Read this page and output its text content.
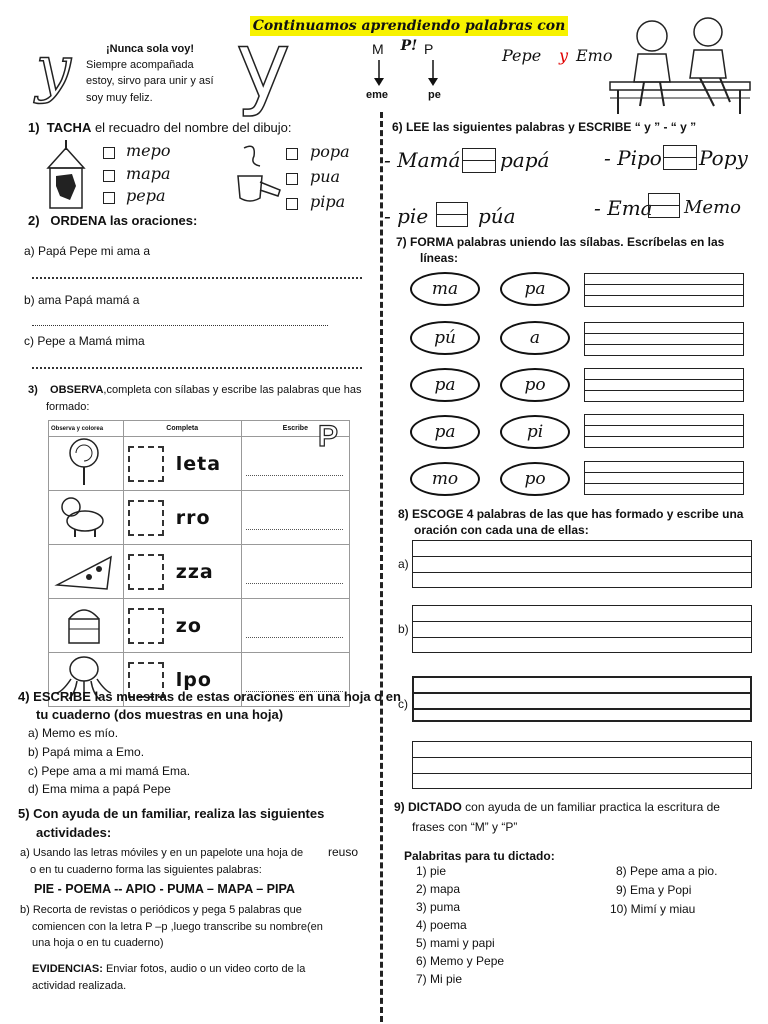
Continuamos aprendiendo palabras con P!
y	¡Nunca sola voy!
Siempre acompañada
estoy, sirvo para unir y así
soy muy feliz. y	M	P
eme	pe
Pepe y Emo
1) TACHA el recuadro del nombre del dibujo:
mepo
mapa
pepa
popa
pua
pipa
2) ORDENA las oraciones:
a) Papá Pepe mi ama a
b) ama Papá mamá a
c) Pepe a Mamá mima
3) OBSERVA,completa con sílabas y escribe las palabras que has
formado:
Observa y colorea	Completa	Escribe

leta	

rro	

zza	

zo	

lpo	

P
4) ESCRIBE las muestras de estas oraciones en una hoja o en
tu cuaderno (dos muestras en una hoja)
a) Memo es mío.
b) Papá mima a Emo.
c) Pepe ama a mi mamá Ema.
d) Ema mima a papá Pepe
5) Con ayuda de un familiar, realiza las siguientes
actividades:
a) Usando las letras móviles y en un papelote una hoja de reuso
o en tu cuaderno forma las siguientes palabras:
PIE - POEMA -- APIO - PUMA – MAPA – PIPA
b) Recorta de revistas o periódicos y pega 5 palabras que
comiencen con la letra P –p ,luego transcribe su nombre(en
una hoja o en tu cuaderno)
EVIDENCIAS: Enviar fotos, audio o un video corto de la
actividad realizada.
6) LEE las siguientes palabras y ESCRIBE “ y ” - “ y ”
- Mamá papá	- Pipo Popy
- pie púa	- Ema Memo
7) FORMA palabras uniendo las sílabas. Escríbelas en las
líneas:
ma	pa
pú	a
pa	po
pa	pi
mo	po
8) ESCOGE 4 palabras de las que has formado y escribe una
oración con cada una de ellas:
a)
b)
c)
9) DICTADO con ayuda de un familiar practica la escritura de
frases con “M” y “P”
Palabritas para tu dictado:
1) pie
2) mapa
3) puma
4) poema
5) mami y papi
6) Memo y Pepe
7) Mi pie
8) Pepe ama a pio.
9) Ema y Popi
10) Mimí y miau
